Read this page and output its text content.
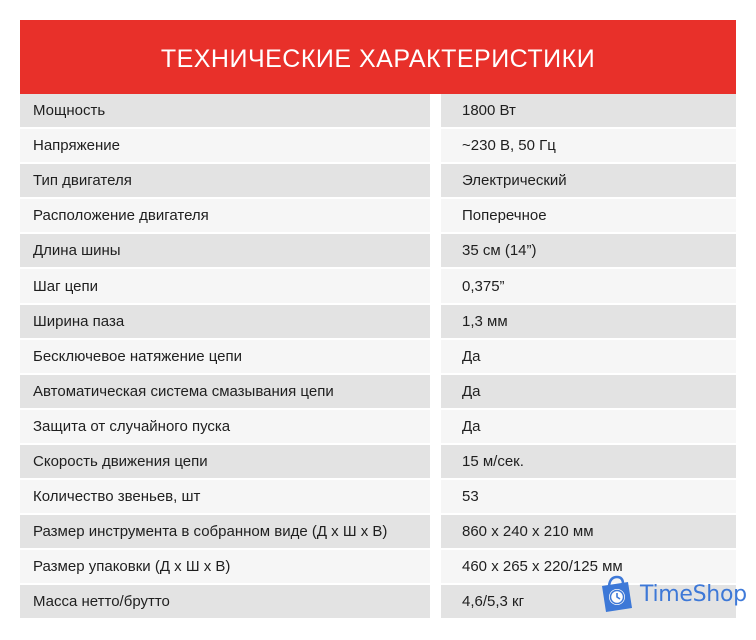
ТЕХНИЧЕСКИЕ ХАРАКТЕРИСТИКИ
Мощность	1800 Вт
Напряжение	~230 В, 50 Гц
Тип двигателя	Электрический
Расположение двигателя	Поперечное
Длина шины	35 см (14”)
Шаг цепи	0,375”
Ширина паза	1,3 мм
Бесключевое натяжение цепи	Да
Автоматическая система смазывания цепи	Да
Защита от случайного пуска	Да
Скорость движения цепи	15 м/сек.
Количество звеньев, шт	53
Размер инструмента в собранном виде (Д х Ш х В)	860 х 240 х 210 мм
Размер упаковки (Д х Ш х В)	460 х 265 х 220/125 мм
Масса нетто/брутто	4,6/5,3 кг	TimeShop
